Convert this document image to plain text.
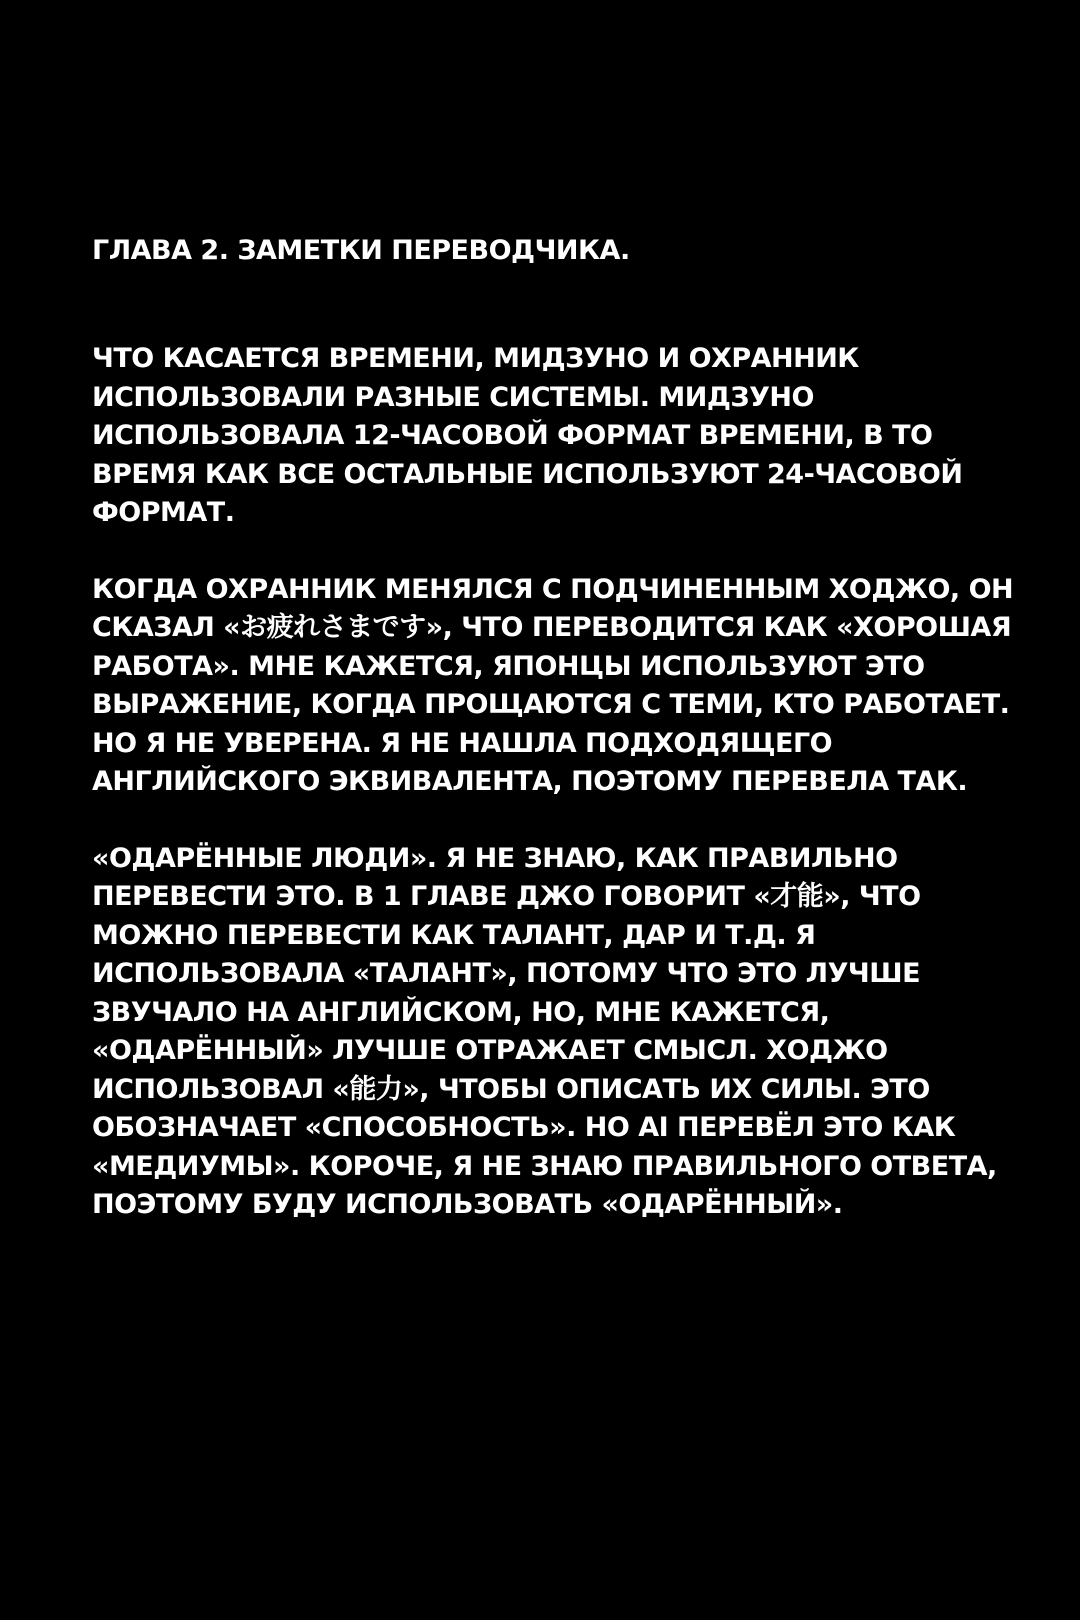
ГЛАВА 2. ЗАМЕТКИ ПЕРЕВОДЧИКА.

ЧТО КАСАЕТСЯ ВРЕМЕНИ, МИДЗУНО И ОХРАННИК ИСПОЛЬЗОВАЛИ РАЗНЫЕ СИСТЕМЫ. МИДЗУНО ИСПОЛЬЗОВАЛА 12-ЧАСОВОЙ ФОРМАТ ВРЕМЕНИ, В ТО ВРЕМЯ КАК ВСЕ ОСТАЛЬНЫЕ ИСПОЛЬЗУЮТ 24-ЧАСОВОЙ ФОРМАТ.

КОГДА ОХРАННИК МЕНЯЛСЯ С ПОДЧИНЕННЫМ ХОДЖО, ОН СКАЗАЛ «お疲れさまです», ЧТО ПЕРЕВОДИТСЯ КАК «ХОРОШАЯ РАБОТА». МНЕ КАЖЕТСЯ, ЯПОНЦЫ ИСПОЛЬЗУЮТ ЭТО ВЫРАЖЕНИЕ, КОГДА ПРОЩАЮТСЯ С ТЕМИ, КТО РАБОТАЕТ. НО Я НЕ УВЕРЕНА. Я НЕ НАШЛА ПОДХОДЯЩЕГО АНГЛИЙСКОГО ЭКВИВАЛЕНТА, ПОЭТОМУ ПЕРЕВЕЛА ТАК.

«ОДАРЁННЫЕ ЛЮДИ». Я НЕ ЗНАЮ, КАК ПРАВИЛЬНО ПЕРЕВЕСТИ ЭТО. В 1 ГЛАВЕ ДЖО ГОВОРИТ «才能», ЧТО МОЖНО ПЕРЕВЕСТИ КАК ТАЛАНТ, ДАР И Т.Д. Я ИСПОЛЬЗОВАЛА «ТАЛАНТ», ПОТОМУ ЧТО ЭТО ЛУЧШЕ ЗВУЧАЛО НА АНГЛИЙСКОМ, НО, МНЕ КАЖЕТСЯ, «ОДАРЁННЫЙ» ЛУЧШЕ ОТРАЖАЕТ СМЫСЛ. ХОДЖО ИСПОЛЬЗОВАЛ «能力», ЧТОБЫ ОПИСАТЬ ИХ СИЛЫ. ЭТО ОБОЗНАЧАЕТ «СПОСОБНОСТЬ». НО AI ПЕРЕВЁЛ ЭТО КАК «МЕДИУМЫ». КОРОЧЕ, Я НЕ ЗНАЮ ПРАВИЛЬНОГО ОТВЕТА, ПОЭТОМУ БУДУ ИСПОЛЬЗОВАТЬ «ОДАРЁННЫЙ».
